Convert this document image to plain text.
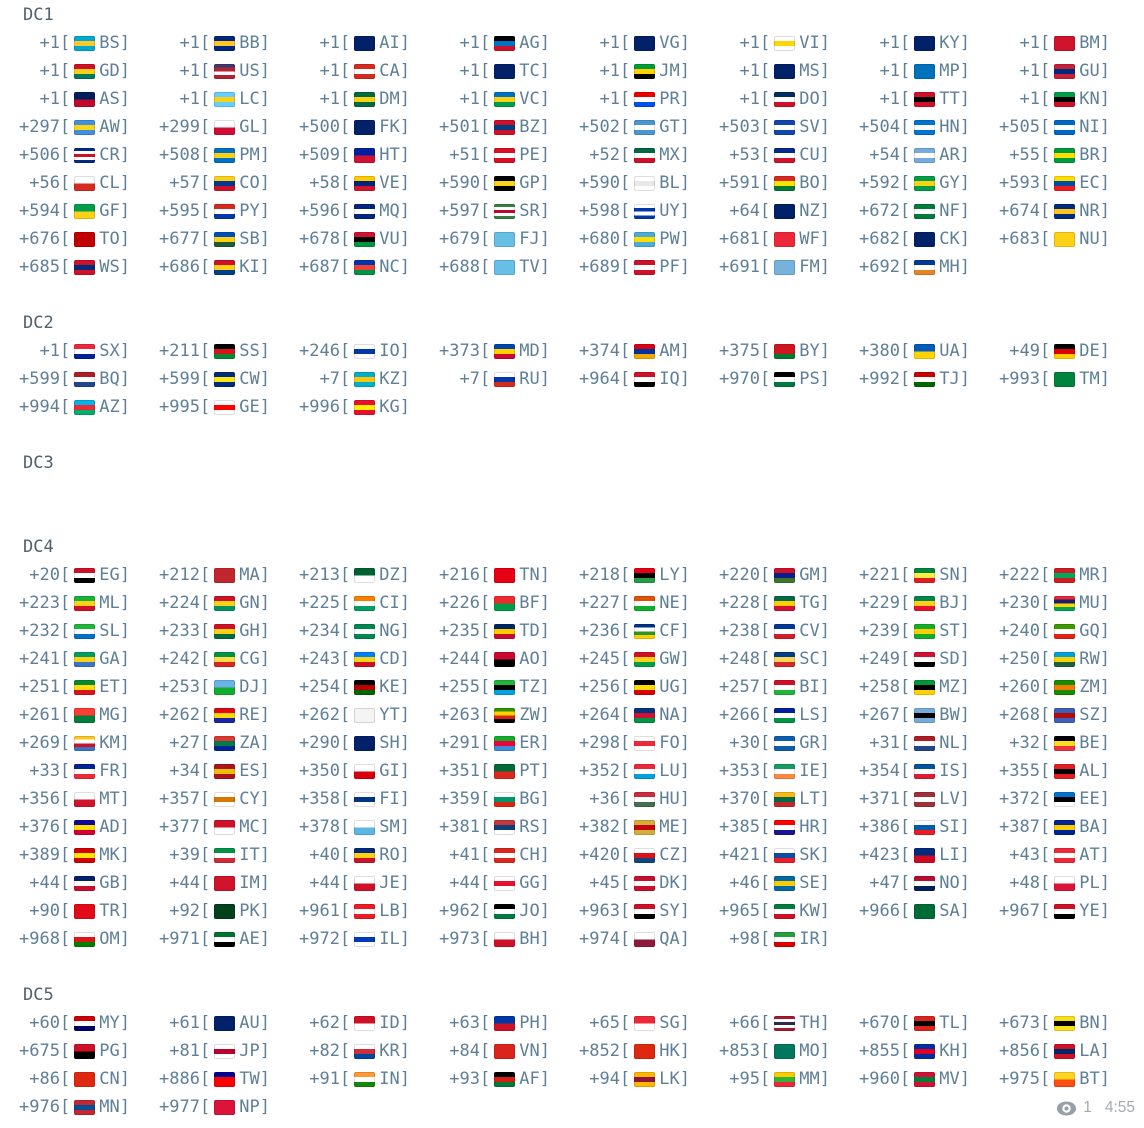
DC1
+1 [ BS ]	+1 [ BB ]	+1 [ AI ]	+1 [ AG ]	+1 [ VG ]	+1 [ VI ]	+1 [ KY ]	+1 [ BM ]
+1 [ GD ]	+1 [ US ]	+1 [ CA ]	+1 [ TC ]	+1 [ JM ]	+1 [ MS ]	+1 [ MP ]	+1 [ GU ]
+1 [ AS ]	+1 [ LC ]	+1 [ DM ]	+1 [ VC ]	+1 [ PR ]	+1 [ DO ]	+1 [ TT ]	+1 [ KN ]
+297 [ AW ]	+299 [ GL ]	+500 [ FK ]	+501 [ BZ ]	+502 [ GT ]	+503 [ SV ]	+504 [ HN ]	+505 [ NI ]
+506 [ CR ]	+508 [ PM ]	+509 [ HT ]	+51 [ PE ]	+52 [ MX ]	+53 [ CU ]	+54 [ AR ]	+55 [ BR ]
+56 [ CL ]	+57 [ CO ]	+58 [ VE ]	+590 [ GP ]	+590 [ BL ]	+591 [ BO ]	+592 [ GY ]	+593 [ EC ]
+594 [ GF ]	+595 [ PY ]	+596 [ MQ ]	+597 [ SR ]	+598 [ UY ]	+64 [ NZ ]	+672 [ NF ]	+674 [ NR ]
+676 [ TO ]	+677 [ SB ]	+678 [ VU ]	+679 [ FJ ]	+680 [ PW ]	+681 [ WF ]	+682 [ CK ]	+683 [ NU ]
+685 [ WS ]	+686 [ KI ]	+687 [ NC ]	+688 [ TV ]	+689 [ PF ]	+691 [ FM ]	+692 [ MH ]
DC2
+1 [ SX ]	+211 [ SS ]	+246 [ IO ]	+373 [ MD ]	+374 [ AM ]	+375 [ BY ]	+380 [ UA ]	+49 [ DE ]
+599 [ BQ ]	+599 [ CW ]	+7 [ KZ ]	+7 [ RU ]	+964 [ IQ ]	+970 [ PS ]	+992 [ TJ ]	+993 [ TM ]
+994 [ AZ ]	+995 [ GE ]	+996 [ KG ]
DC3
DC4
+20 [ EG ]	+212 [ MA ]	+213 [ DZ ]	+216 [ TN ]	+218 [ LY ]	+220 [ GM ]	+221 [ SN ]	+222 [ MR ]
+223 [ ML ]	+224 [ GN ]	+225 [ CI ]	+226 [ BF ]	+227 [ NE ]	+228 [ TG ]	+229 [ BJ ]	+230 [ MU ]
+232 [ SL ]	+233 [ GH ]	+234 [ NG ]	+235 [ TD ]	+236 [ CF ]	+238 [ CV ]	+239 [ ST ]	+240 [ GQ ]
+241 [ GA ]	+242 [ CG ]	+243 [ CD ]	+244 [ AO ]	+245 [ GW ]	+248 [ SC ]	+249 [ SD ]	+250 [ RW ]
+251 [ ET ]	+253 [ DJ ]	+254 [ KE ]	+255 [ TZ ]	+256 [ UG ]	+257 [ BI ]	+258 [ MZ ]	+260 [ ZM ]
+261 [ MG ]	+262 [ RE ]	+262 [ YT ]	+263 [ ZW ]	+264 [ NA ]	+266 [ LS ]	+267 [ BW ]	+268 [ SZ ]
+269 [ KM ]	+27 [ ZA ]	+290 [ SH ]	+291 [ ER ]	+298 [ FO ]	+30 [ GR ]	+31 [ NL ]	+32 [ BE ]
+33 [ FR ]	+34 [ ES ]	+350 [ GI ]	+351 [ PT ]	+352 [ LU ]	+353 [ IE ]	+354 [ IS ]	+355 [ AL ]
+356 [ MT ]	+357 [ CY ]	+358 [ FI ]	+359 [ BG ]	+36 [ HU ]	+370 [ LT ]	+371 [ LV ]	+372 [ EE ]
+376 [ AD ]	+377 [ MC ]	+378 [ SM ]	+381 [ RS ]	+382 [ ME ]	+385 [ HR ]	+386 [ SI ]	+387 [ BA ]
+389 [ MK ]	+39 [ IT ]	+40 [ RO ]	+41 [ CH ]	+420 [ CZ ]	+421 [ SK ]	+423 [ LI ]	+43 [ AT ]
+44 [ GB ]	+44 [ IM ]	+44 [ JE ]	+44 [ GG ]	+45 [ DK ]	+46 [ SE ]	+47 [ NO ]	+48 [ PL ]
+90 [ TR ]	+92 [ PK ]	+961 [ LB ]	+962 [ JO ]	+963 [ SY ]	+965 [ KW ]	+966 [ SA ]	+967 [ YE ]
+968 [ OM ]	+971 [ AE ]	+972 [ IL ]	+973 [ BH ]	+974 [ QA ]	+98 [ IR ]
DC5
+60 [ MY ]	+61 [ AU ]	+62 [ ID ]	+63 [ PH ]	+65 [ SG ]	+66 [ TH ]	+670 [ TL ]	+673 [ BN ]
+675 [ PG ]	+81 [ JP ]	+82 [ KR ]	+84 [ VN ]	+852 [ HK ]	+853 [ MO ]	+855 [ KH ]	+856 [ LA ]
+86 [ CN ]	+886 [ TW ]	+91 [ IN ]	+93 [ AF ]	+94 [ LK ]	+95 [ MM ]	+960 [ MV ]	+975 [ BT ]
+976 [ MN ]	+977 [ NP ]	1 4:55
